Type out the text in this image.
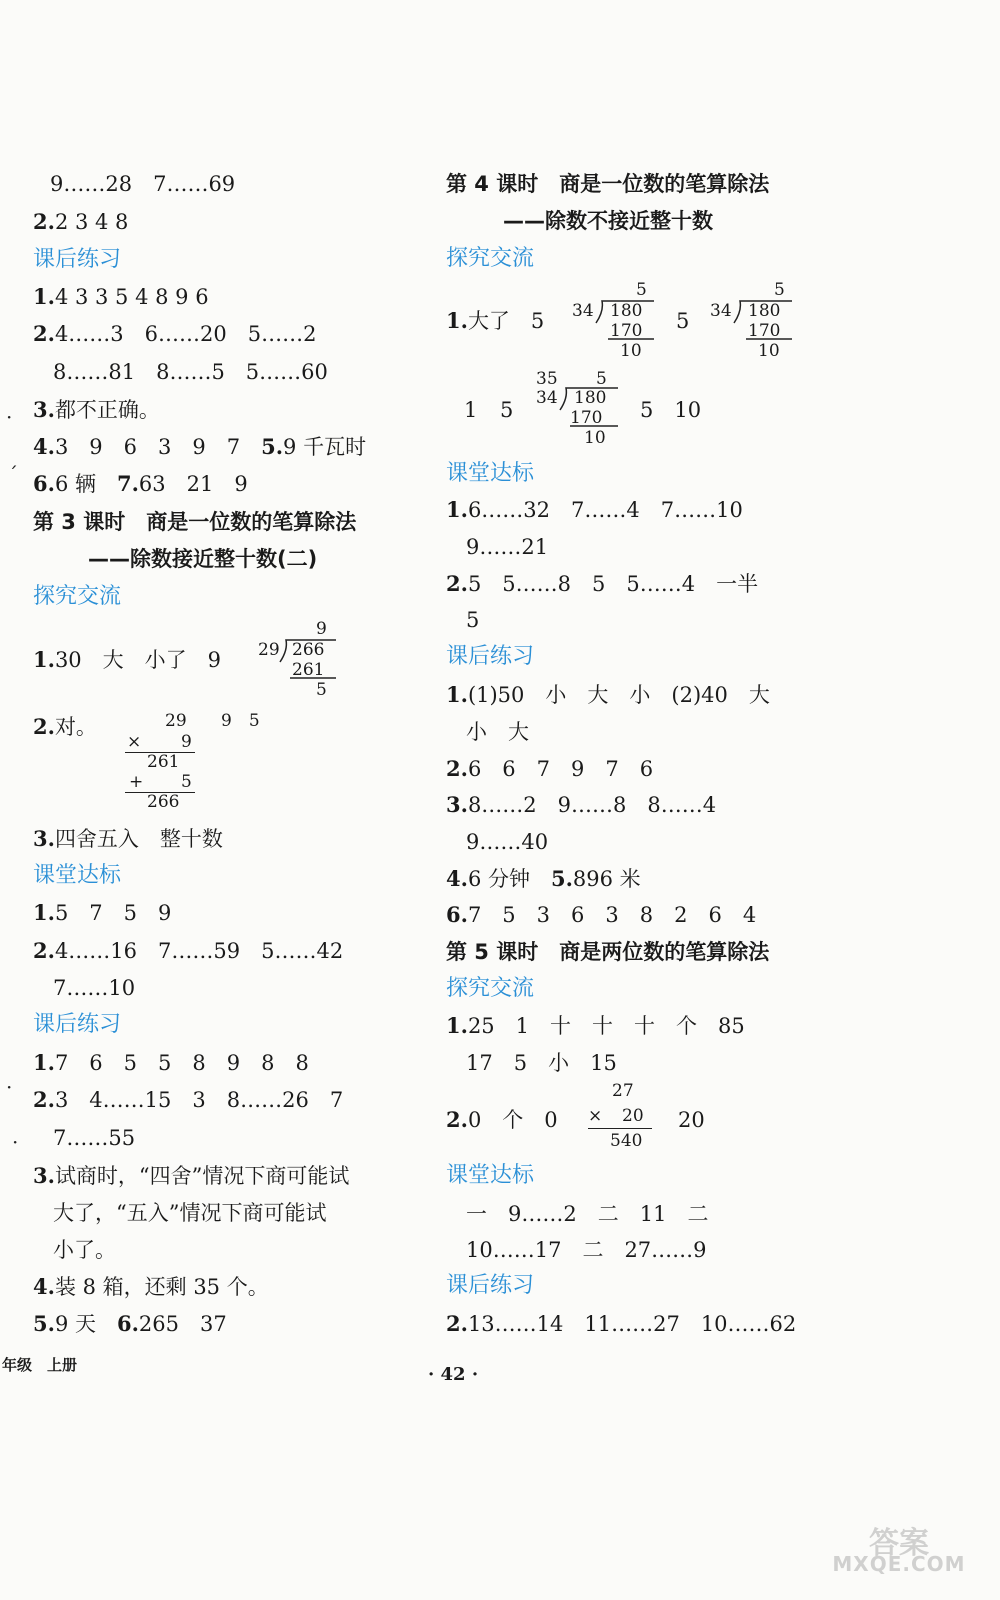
9……28　7……69
2.2 3 4 8
课后练习
1.4 3 3 5 4 8 9 6
2.4……3　6……20　5……2
8……81　8……5　5……60
3.都不正确。
4.3　9　6　3　9　7　 5.9 千瓦时
6.6 辆　 7.63　21　9
第 3 课时　商是一位数的笔算除法
——除数接近整十数(二)
探究交流
1.30　大　小了　9
9
29 266
261
5
2.对。	29 9　5
× 9
261
+ 5
266
3.四舍五入　整十数
课堂达标
1.5　7　5　9
2.4……16　7……59　5……42
7……10
课后练习
1.7　6　5　5　8　9　8　8
2.3　4……15　3　8……26　7
7……55
3.试商时，“四舍”情况下商可能试
大了，“五入”情况下商可能试
小了。
4.装 8 箱，还剩 35 个。
5.9 天　 6.265　37
·
ˊ
·
·
第 4 课时　商是一位数的笔算除法
——除数不接近整十数
探究交流
1.大了　5
5
34 180
170
10
5
5
34 180
170
10
1 5
35 5
34 180
170
10
5　10
课堂达标
1.6……32　7……4　7……10
9……21
2.5　5……8　5　5……4　一半
5
课后练习
1.(1)50　小　大　小　(2)40　大
小　大
2.6　6　7　9　7　6
3.8……2　9……8　8……4
9……40
4.6 分钟　 5.896 米
6.7　5　3　6　3　8　2　6　4
第 5 课时　商是两位数的笔算除法
探究交流
1.25　1　十　十　十　个　85
17　5　小　15
2.0　个　0
27
× 20
540
20
课堂达标
一　9……2　二　11　二
10……17　二　27……9
课后练习
2.13……14　11……27　10……62
年级　上册	· 42 ·
答案
MXQE.COM
